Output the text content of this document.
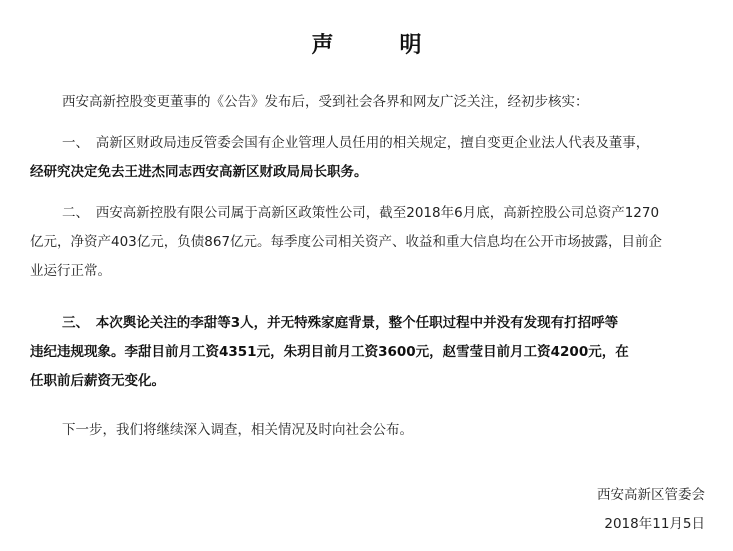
声　明
西安高新控股变更董事的《公告》发布后，受到社会各界和网友广泛关注，经初步核实：
一、　高新区财政局违反管委会国有企业管理人员任用的相关规定，擅自变更企业法人代表及董事，
经研究决定免去王进杰同志西安高新区财政局局长职务。
二、　西安高新控股有限公司属于高新区政策性公司，截至2018年6月底，高新控股公司总资产1270
亿元，净资产403亿元，负债867亿元。每季度公司相关资产、收益和重大信息均在公开市场披露，目前企
业运行正常。
三、　本次舆论关注的李甜等3人，并无特殊家庭背景，整个任职过程中并没有发现有打招呼等
违纪违规现象。李甜目前月工资4351元，朱玥目前月工资3600元，赵雪莹目前月工资4200元，在
任职前后薪资无变化。
下一步，我们将继续深入调查，相关情况及时向社会公布。
西安高新区管委会
2018年11月5日
